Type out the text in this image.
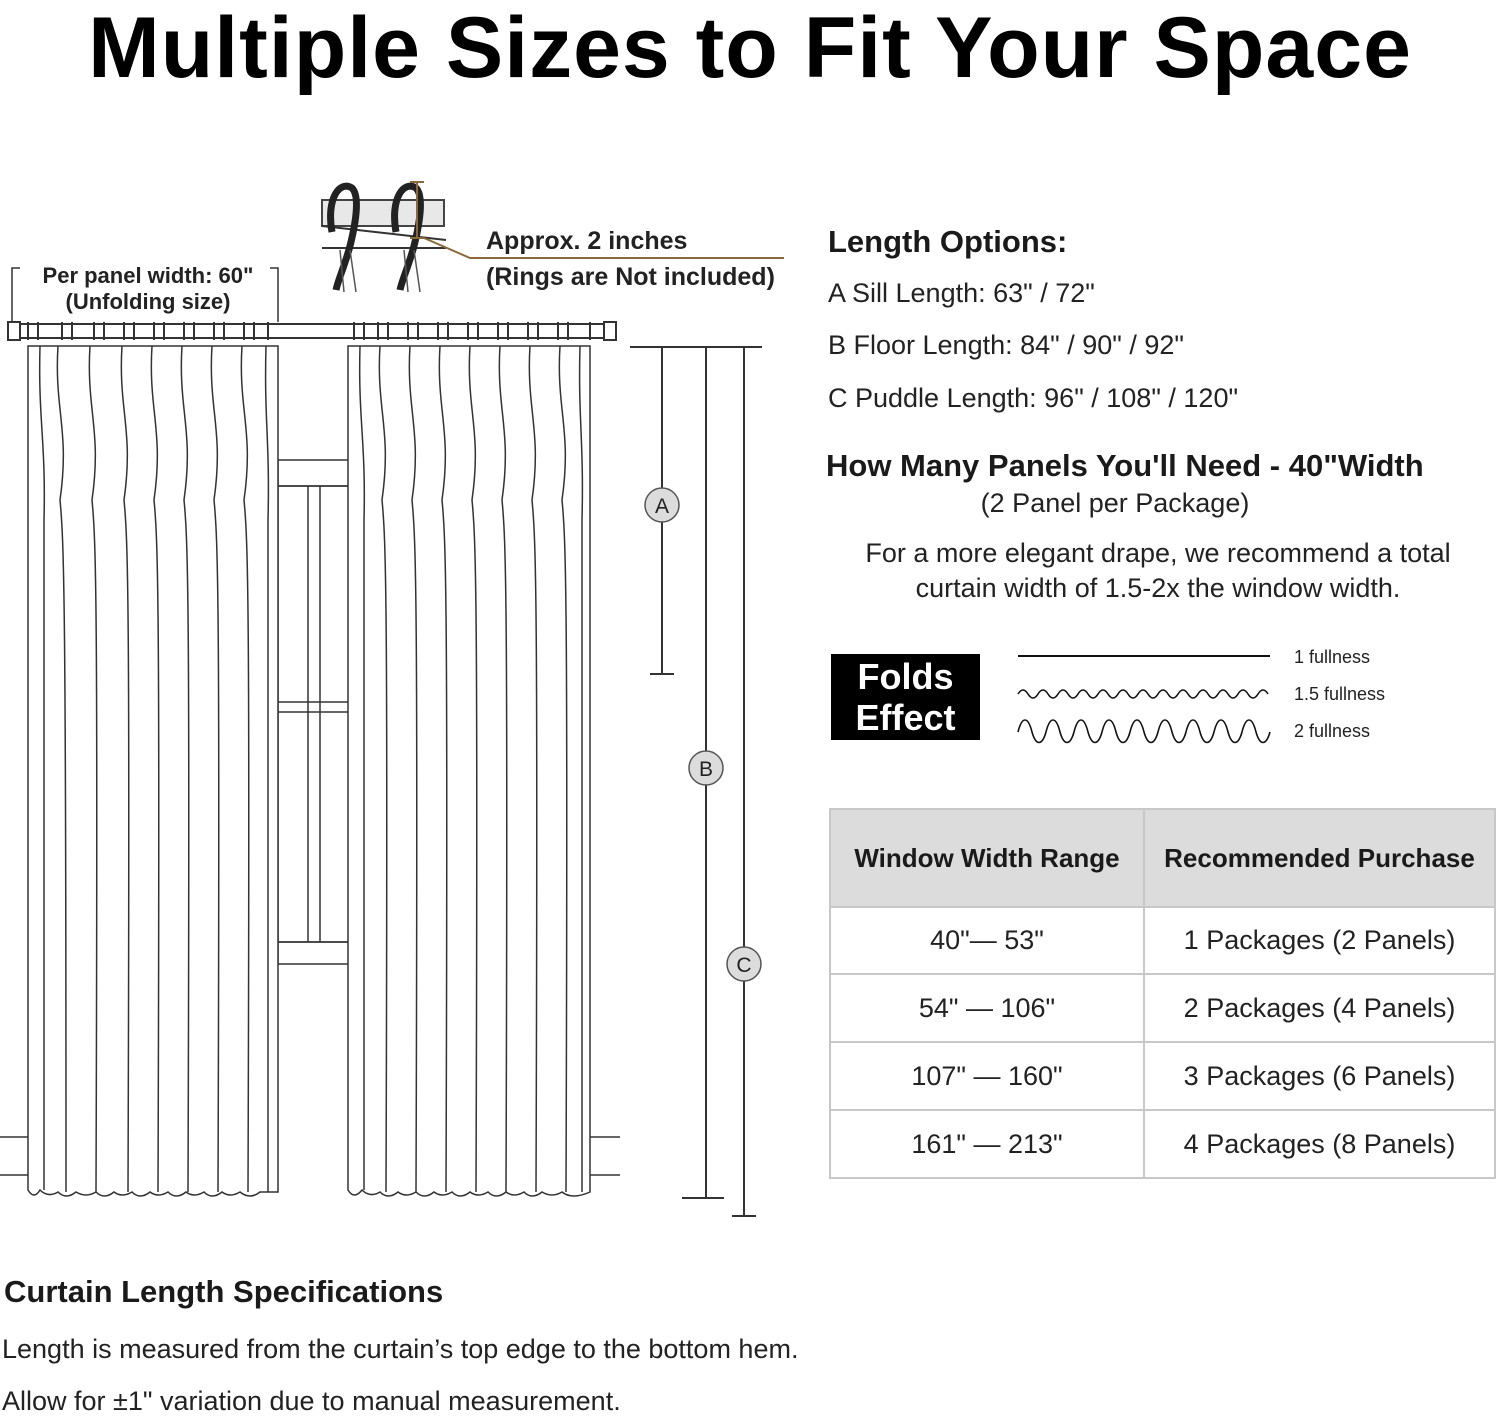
Multiple Sizes to Fit Your Space
A
B
C
Per panel width: 60"
(Unfolding size)
Approx. 2 inches
(Rings are Not included)
Length Options:
A Sill Length: 63" / 72"
B Floor Length: 84" / 90" / 92"
C Puddle Length: 96" / 108" / 120"
How Many Panels You'll Need - 40"Width
(2 Panel per Package)
For a more elegant drape, we recommend a total
curtain width of 1.5-2x the window width.
Folds
Effect
1 fullness
1.5 fullness
2 fullness
Window Width Range	Recommended Purchase
40"— 53"	1 Packages (2 Panels)
54" — 106"	2 Packages (4 Panels)
107" — 160"	3 Packages (6 Panels)
161" — 213"	4 Packages (8 Panels)
Curtain Length Specifications
Length is measured from the curtain’s top edge to the bottom hem.
Allow for ±1" variation due to manual measurement.
